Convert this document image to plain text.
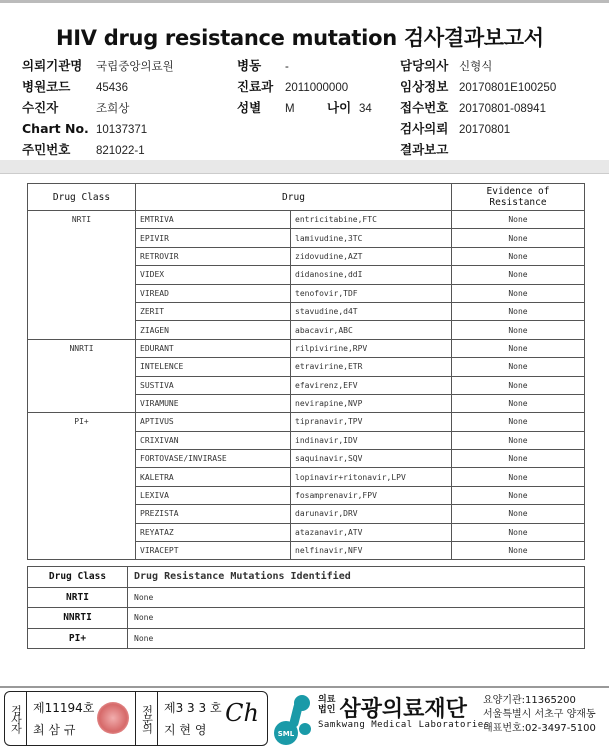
HIV drug resistance mutation 검사결과보고서
의뢰기관명 국립중앙의료원
병원코드 45436
수진자	조희상
Chart No. 10137371
주민번호 821022-1
병동 -
진료과 2011000000
성별 M	나이 34
담당의사 신형식
임상정보 20170801E100250
접수번호 20170801-08941
검사의뢰 20170801
결과보고
Drug Class	Drug		Evidence of Resistance
NRTI	EMTRIVA	entricitabine,FTC	None
	EPIVIR	lamivudine,3TC	None
	RETROVIR	zidovudine,AZT	None
	VIDEX	didanosine,ddI	None
	VIREAD	tenofovir,TDF	None
	ZERIT	stavudine,d4T	None
	ZIAGEN	abacavir,ABC	None
NNRTI	EDURANT	rilpivirine,RPV	None
	INTELENCE	etravirine,ETR	None
	SUSTIVA	efavirenz,EFV	None
	VIRAMUNE	nevirapine,NVP	None
PI+	APTIVUS	tipranavir,TPV	None
	CRIXIVAN	indinavir,IDV	None
	FORTOVASE/INVIRASE	saquinavir,SQV	None
	KALETRA	lopinavir+ritonavir,LPV	None
	LEXIVA	fosamprenavir,FPV	None
	PREZISTA	darunavir,DRV	None
	REYATAZ	atazanavir,ATV	None
	VIRACEPT	nelfinavir,NFV	None
Drug Class	Drug Resistance Mutations Identified
NRTI	None
NNRTI	None
PI+	None
검사자 제11194호
최 삼 규	전문의 제3 3 3 호
지 현 영
Ch
SML
의료
법인 삼광의료재단
Samkwang Medical Laboratories
요양기관:11365200
서울특별시 서초구 양재동
대표번호:02-3497-5100
